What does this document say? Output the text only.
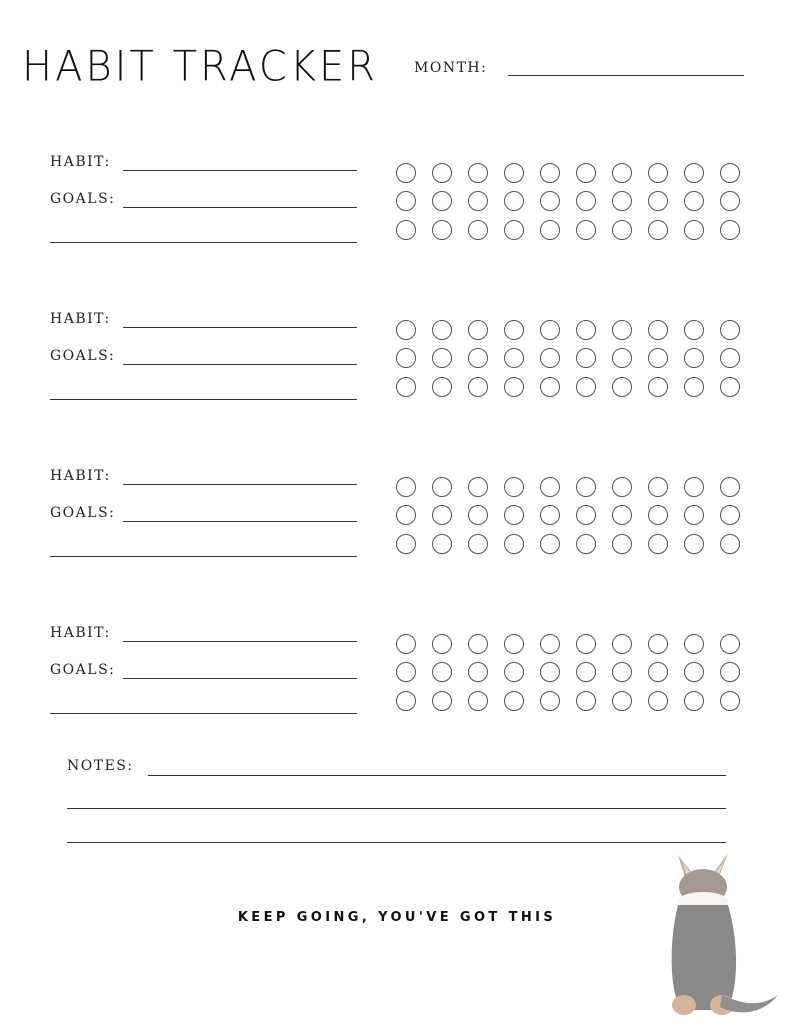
HABIT TRACKER	MONTH:
HABIT:
GOALS:
HABIT:
GOALS:
HABIT:
GOALS:
HABIT:
GOALS:
NOTES:
KEEP GOING, YOU'VE GOT THIS
